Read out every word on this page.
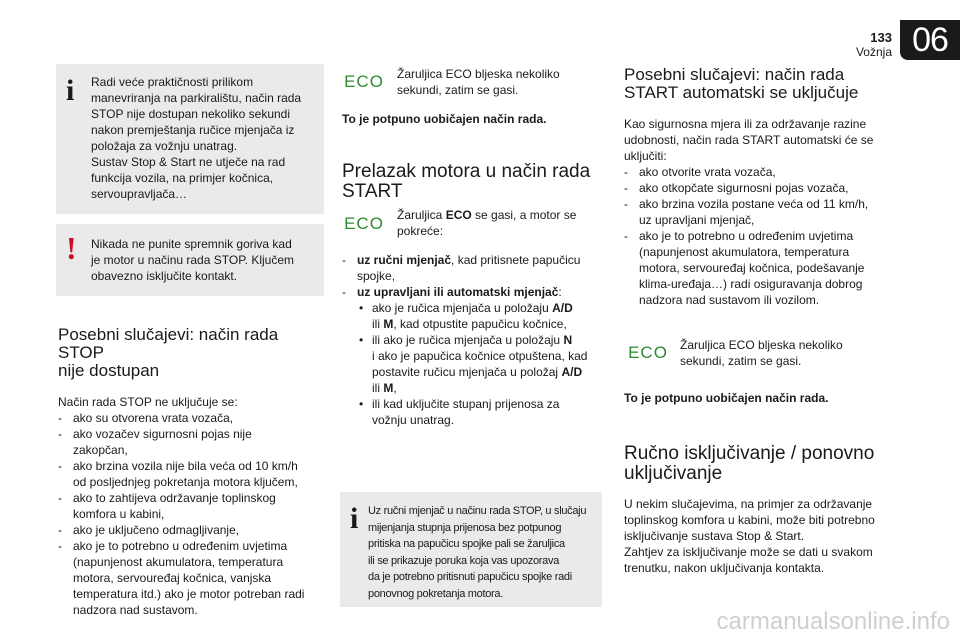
133
Vožnja 06
i Radi veće praktičnosti prilikom

manevriranja na parkiralištu, način rada

STOP nije dostupan nekoliko sekundi

nakon premještanja ručice mjenjača iz

položaja za vožnju unatrag.

Sustav Stop & Start ne utječe na rad

funkcija vozila, na primjer kočnica,

servoupravljača…

! Nikada ne punite spremnik goriva kad

je motor u načinu rada STOP. Ključem

obavezno isključite kontakt.

Posebni slučajevi: način rada STOP
nije dostupan

Način rada STOP ne uključuje se:

- ako su otvorena vrata vozača,
- ako vozačev sigurnosni pojas nije
zakopčan,
- ako brzina vozila nije bila veća od 10 km/h
od posljednjeg pokretanja motora ključem,
- ako to zahtijeva održavanje toplinskog
komfora u kabini,
- ako je uključeno odmagljivanje,
- ako je to potrebno u određenim uvjetima
(napunjenost akumulatora, temperatura
motora, servouređaj kočnica, vanjska
temperatura itd.) ako je motor potreban radi
nadzora nad sustavom.
ECO Žaruljica ECO bljeska nekoliko
sekundi, zatim se gasi.

To je potpuno uobičajen način rada.

Prelazak motora u način rada
START
ECO Žaruljica ECO se gasi, a motor se
pokreće:
- uz ručni mjenjač, kad pritisnete papučicu
spojke,
- uz upravljani ili automatski mjenjač:
• ako je ručica mjenjača u položaju A/D
ili M, kad otpustite papučicu kočnice,
• ili ako je ručica mjenjača u položaju N
i ako je papučica kočnice otpuštena, kad
postavite ručicu mjenjača u položaj A/D
ili M,
• ili kad uključite stupanj prijenosa za
vožnju unatrag.
i Uz ručni mjenjač u načinu rada STOP, u slučaju

mijenjanja stupnja prijenosa bez potpunog

pritiska na papučicu spojke pali se žaruljica

ili se prikazuje poruka koja vas upozorava

da je potrebno pritisnuti papučicu spojke radi

ponovnog pokretanja motora.

Posebni slučajevi: način rada
START automatski se uključuje

Kao sigurnosna mjera ili za održavanje razine
udobnosti, način rada START automatski će se
uključiti:

- ako otvorite vrata vozača,
- ako otkopčate sigurnosni pojas vozača,
- ako brzina vozila postane veća od 11 km/h,
uz upravljani mjenjač,
- ako je to potrebno u određenim uvjetima
(napunjenost akumulatora, temperatura
motora, servouređaj kočnica, podešavanje
klima-uređaja…) radi osiguravanja dobrog
nadzora nad sustavom ili vozilom.
ECO Žaruljica ECO bljeska nekoliko
sekundi, zatim se gasi.

To je potpuno uobičajen način rada.

Ručno isključivanje / ponovno
uključivanje

U nekim slučajevima, na primjer za održavanje
toplinskog komfora u kabini, može biti potrebno
isključivanje sustava Stop & Start.
Zahtjev za isključivanje može se dati u svakom
trenutku, nakon uključivanja kontakta.

carmanualsonline.info
